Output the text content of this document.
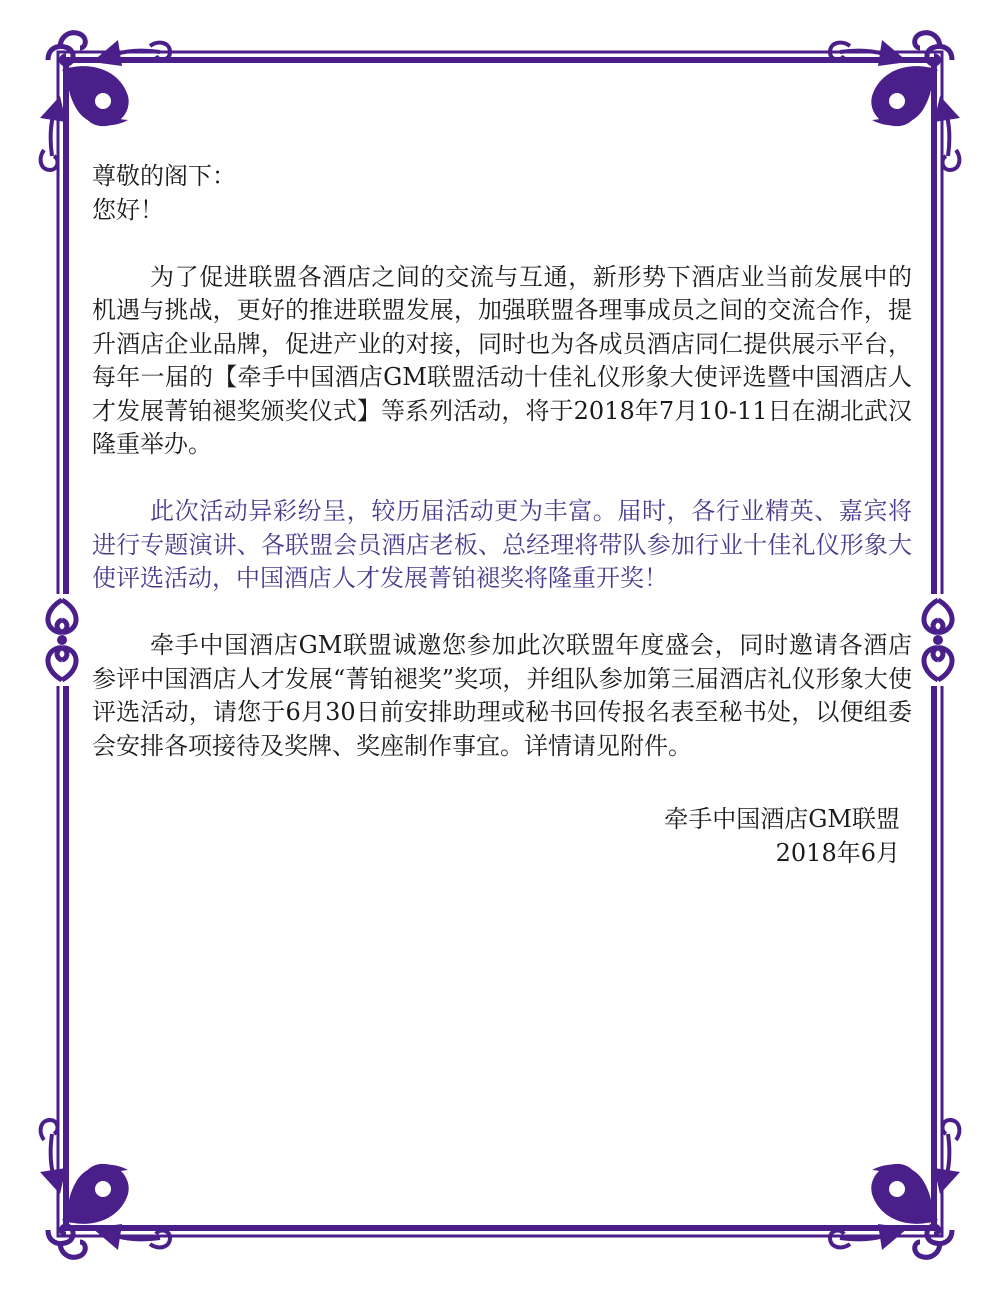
尊敬的阁下：
您好！

为了促进联盟各酒店之间的交流与互通，新形势下酒店业当前发展中的机遇与挑战，更好的推进联盟发展，加强联盟各理事成员之间的交流合作，提升酒店企业品牌，促进产业的对接，同时也为各成员酒店同仁提供展示平台，每年一届的【牵手中国酒店GM联盟活动十佳礼仪形象大使评选暨中国酒店人才发展菁铂褪奖颁奖仪式】等系列活动，将于2018年7月10-11日在湖北武汉隆重举办。

此次活动异彩纷呈，较历届活动更为丰富。届时，各行业精英、嘉宾将进行专题演讲、各联盟会员酒店老板、总经理将带队参加行业十佳礼仪形象大使评选活动，中国酒店人才发展菁铂褪奖将隆重开奖！

牵手中国酒店GM联盟诚邀您参加此次联盟年度盛会，同时邀请各酒店参评中国酒店人才发展“菁铂褪奖”奖项，并组队参加第三届酒店礼仪形象大使评选活动，请您于6月30日前安排助理或秘书回传报名表至秘书处，以便组委会安排各项接待及奖牌、奖座制作事宜。详情请见附件。

牵手中国酒店GM联盟
2018年6月
